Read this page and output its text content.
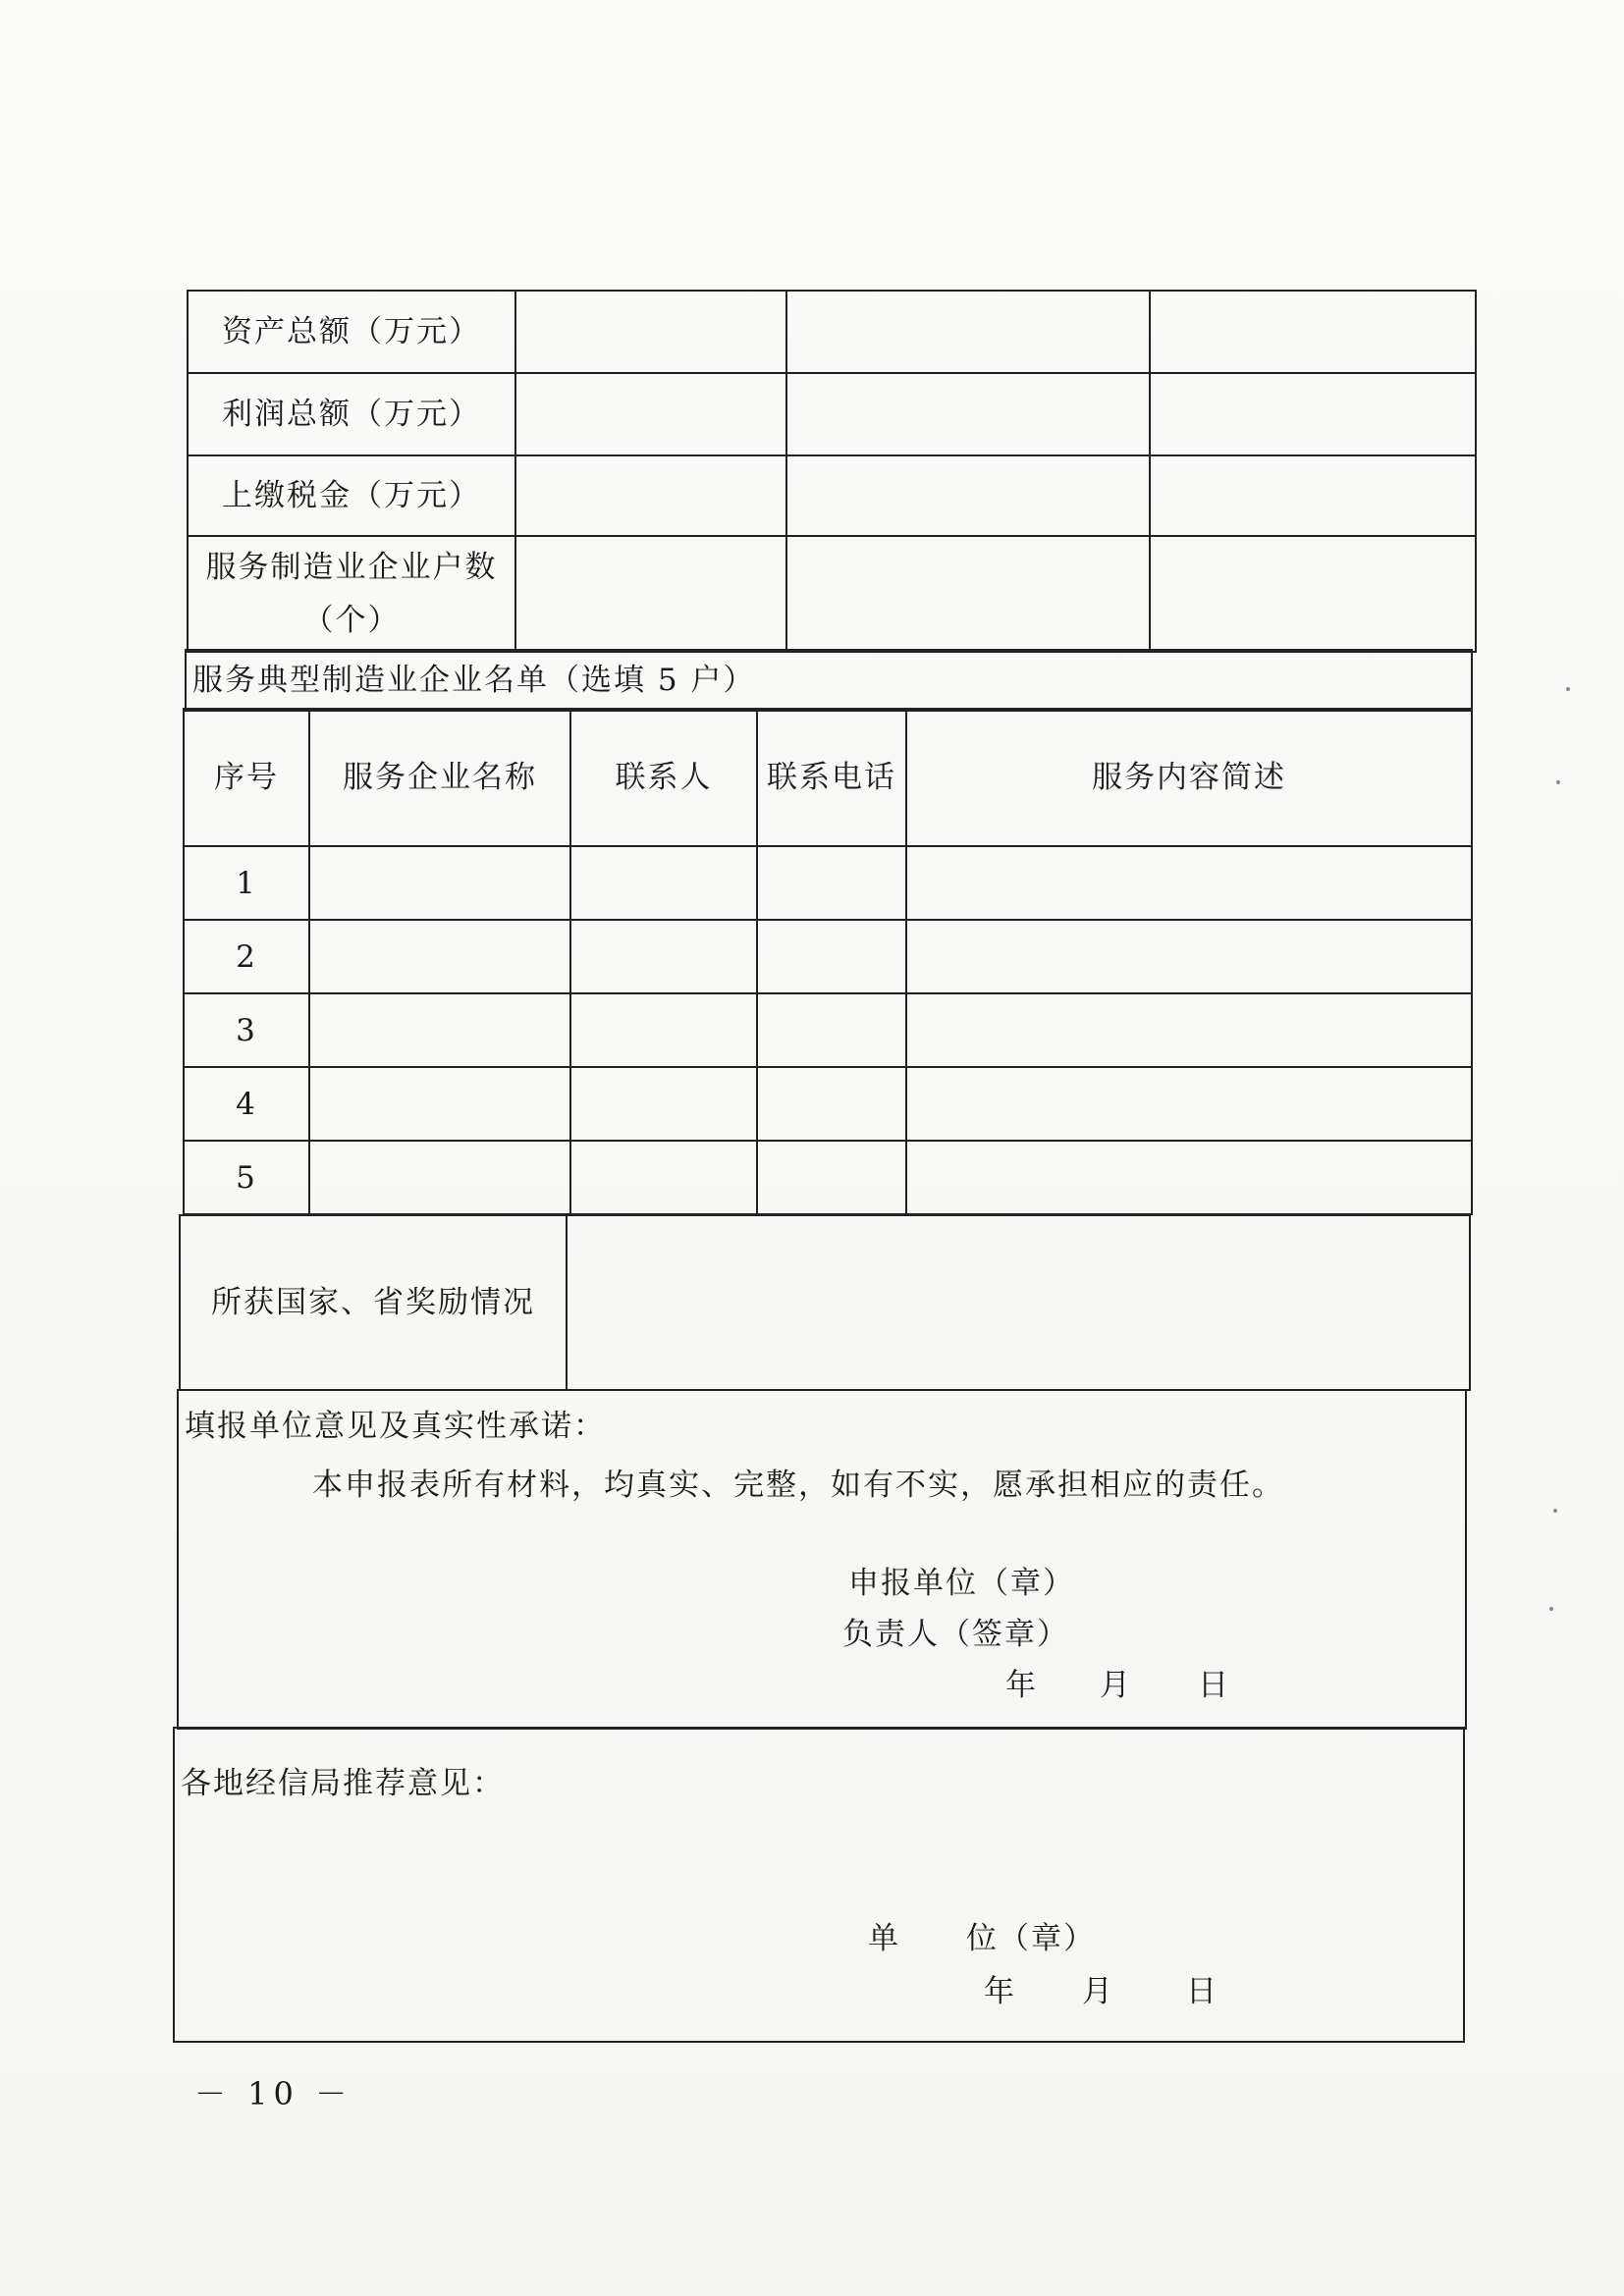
资产总额（万元）			
利润总额（万元）			
上缴税金（万元）			

服务制造业企业户数
（个）			

服务典型制造业企业名单（选填 5 户）
序号	服务企业名称	联系人	联系电话	服务内容简述
1				
2				
3				
4				
5				
所获国家、省奖励情况	
填报单位意见及真实性承诺：
本申报表所有材料，均真实、完整，如有不实，愿承担相应的责任。
申报单位（章）
负责人（签章）
年 月 日
各地经信局推荐意见：
单 位（章）
年 月 日
－ 10 －
